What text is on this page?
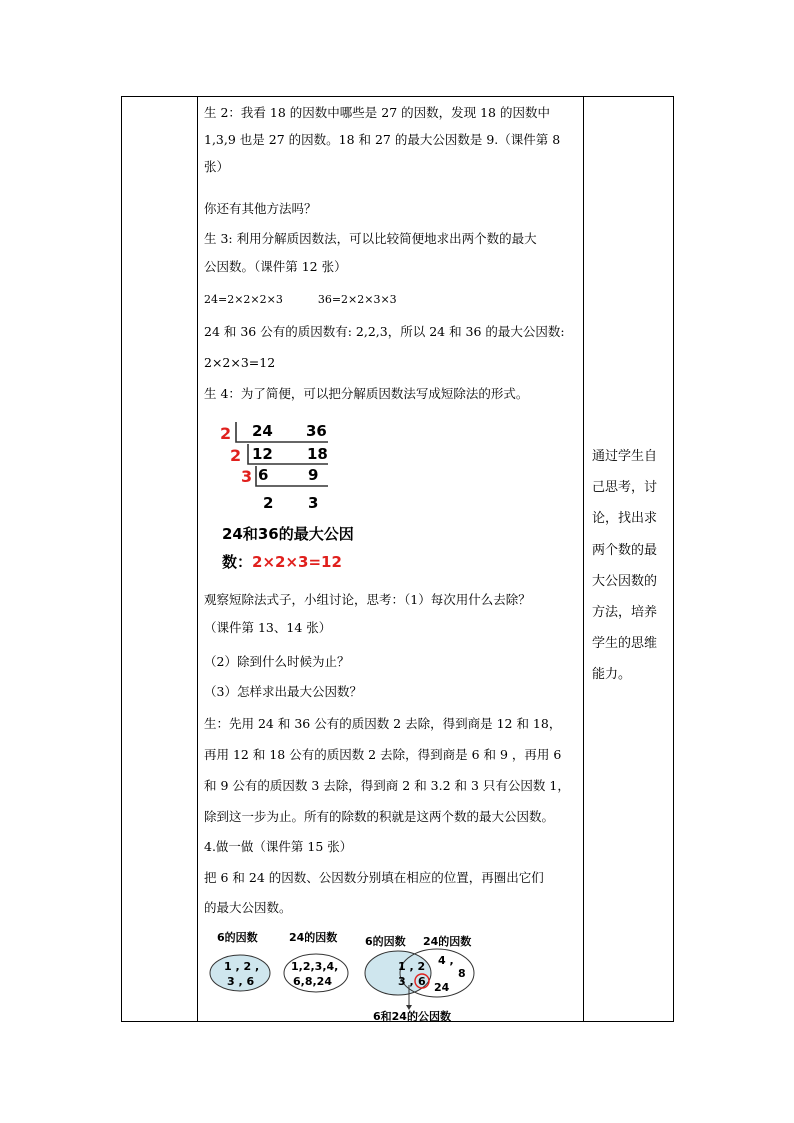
生 2：我看 18 的因数中哪些是 27 的因数，发现 18 的因数中
1,3,9 也是 27 的因数。18 和 27 的最大公因数是 9.（课件第 8
张）
你还有其他方法吗？
生 3: 利用分解质因数法，可以比较简便地求出两个数的最大
公因数。（课件第 12 张）
24=2×2×2×3          36=2×2×3×3
24 和 36 公有的质因数有: 2,2,3，所以 24 和 36 的最大公因数:
2×2×3=12
生 4：为了简便，可以把分解质因数法写成短除法的形式。
2
2
3
24 36
12 18
6	9
2 3
24和36的最大公因
数：2×2×3=12
观察短除法式子，小组讨论，思考：（1）每次用什么去除？
（课件第 13、14 张）
（2）除到什么时候为止？
（3）怎样求出最大公因数？
生：先用 24 和 36 公有的质因数 2 去除，得到商是 12 和 18，
再用 12 和 18 公有的质因数 2 去除，得到商是 6 和 9 ，再用 6
和 9 公有的质因数 3 去除，得到商 2 和 3.2 和 3 只有公因数 1，
除到这一步为止。所有的除数的积就是这两个数的最大公因数。
4.做一做（课件第 15 张）
把 6 和 24 的因数、公因数分别填在相应的位置，再圈出它们
的最大公因数。
6的因数
1 , 2 ,
3 , 6
24的因数
1,2,3,4,
6,8,24
6的因数 24的因数
1 , 2
3 , 6
4 ,
8
24
6和24的公因数
通过学生自
己思考，讨
论，找出求
两个数的最
大公因数的
方法，培养
学生的思维
能力。
